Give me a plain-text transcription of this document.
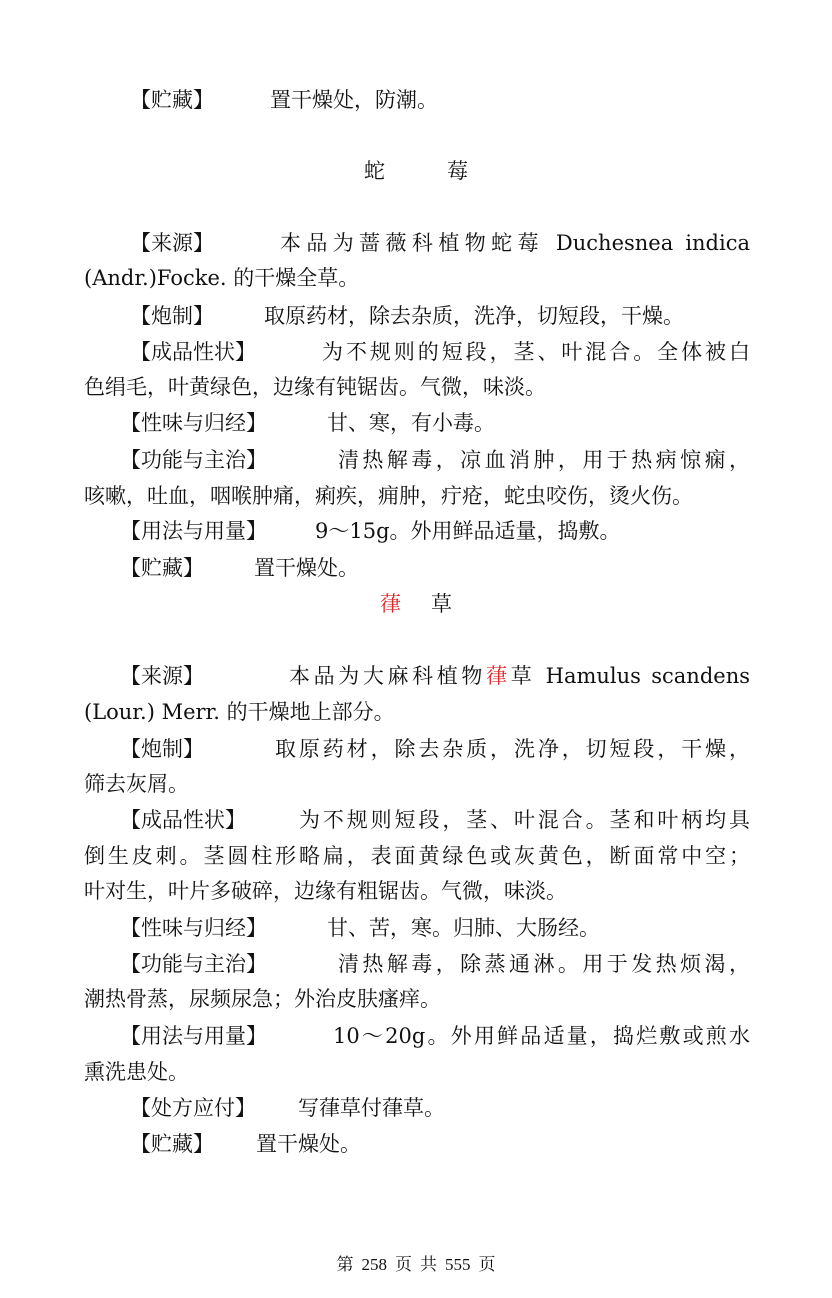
【贮藏】	置干燥处，防潮。
蛇	莓
【来源】	本品为蔷薇科植物蛇莓 Duchesnea indica
(Andr.)Focke. 的干燥全草。
【炮制】 取原药材，除去杂质，洗净，切短段，干燥。
【成品性状】	为不规则的短段，茎、叶混合。全体被白
色绢毛，叶黄绿色，边缘有钝锯齿。气微，味淡。
【性味与归经】	甘、寒，有小毒。
【功能与主治】	清热解毒，凉血消肿，用于热病惊痫，
咳嗽，吐血，咽喉肿痛，痢疾，痈肿，疔疮，蛇虫咬伤，烫火伤。
【用法与用量】 9～15g。外用鲜品适量，捣敷。
【贮藏】 置干燥处。
葎 草
【来源】	本品为大麻科植物葎草 Hamulus scandens
(Lour.) Merr. 的干燥地上部分。
【炮制】	取原药材，除去杂质，洗净，切短段，干燥，
筛去灰屑。
【成品性状】	为不规则短段，茎、叶混合。茎和叶柄均具
倒生皮刺。茎圆柱形略扁，表面黄绿色或灰黄色，断面常中空；
叶对生，叶片多破碎，边缘有粗锯齿。气微，味淡。
【性味与归经】	甘、苦，寒。归肺、大肠经。
【功能与主治】	清热解毒，除蒸通淋。用于发热烦渴，
潮热骨蒸，尿频尿急；外治皮肤瘙痒。
【用法与用量】	10～20g。外用鲜品适量，捣烂敷或煎水
熏洗患处。
【处方应付】 写葎草付葎草。
【贮藏】 置干燥处。
第 258 页 共 555 页
